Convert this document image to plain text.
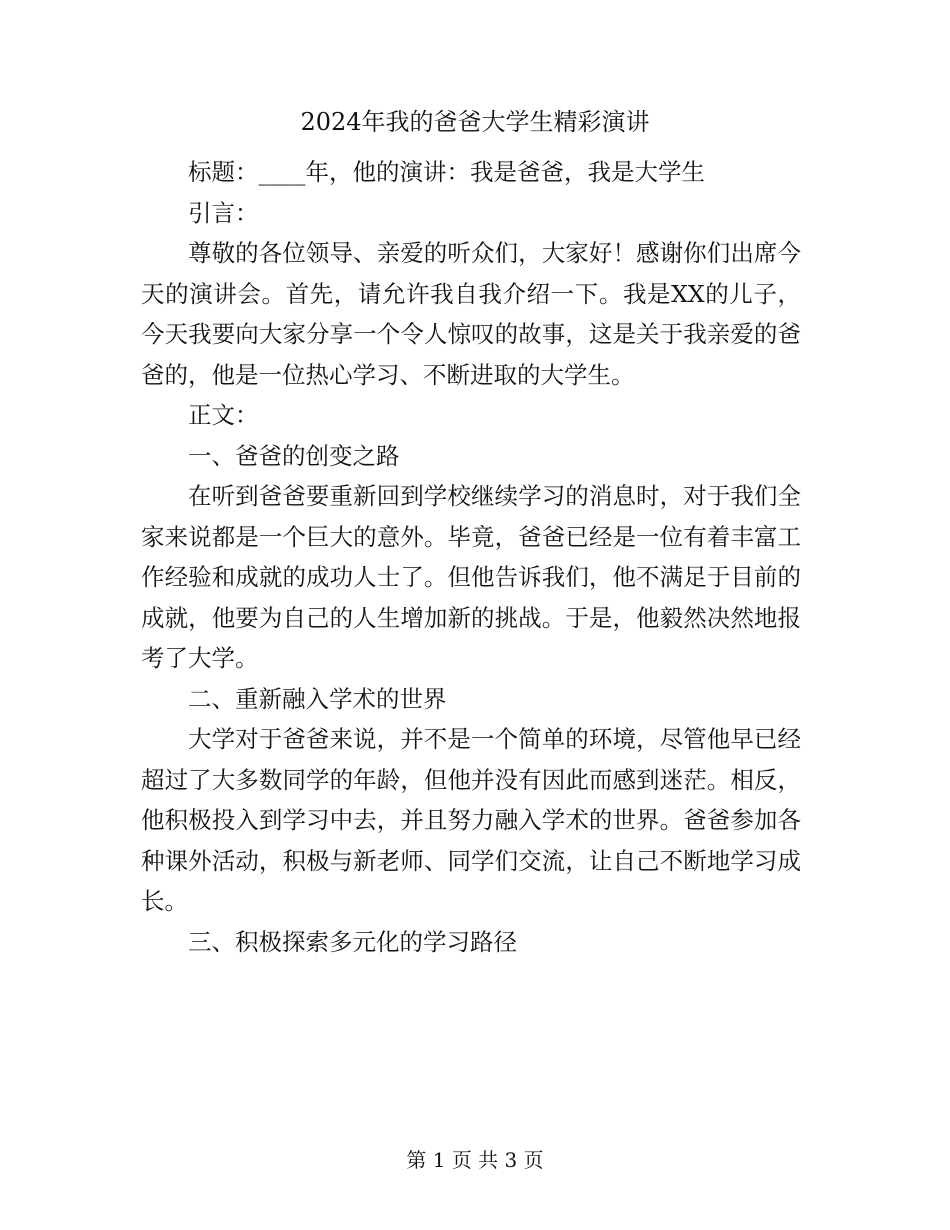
2024年我的爸爸大学生精彩演讲

标题：____年，他的演讲：我是爸爸，我是大学生

引言：

尊敬的各位领导、亲爱的听众们，大家好！感谢你们出席今天的演讲会。首先，请允许我自我介绍一下。我是XX的儿子，今天我要向大家分享一个令人惊叹的故事，这是关于我亲爱的爸爸的，他是一位热心学习、不断进取的大学生。

正文：

一、爸爸的创变之路

在听到爸爸要重新回到学校继续学习的消息时，对于我们全家来说都是一个巨大的意外。毕竟，爸爸已经是一位有着丰富工作经验和成就的成功人士了。但他告诉我们，他不满足于目前的成就，他要为自己的人生增加新的挑战。于是，他毅然决然地报考了大学。

二、重新融入学术的世界

大学对于爸爸来说，并不是一个简单的环境，尽管他早已经超过了大多数同学的年龄，但他并没有因此而感到迷茫。相反，他积极投入到学习中去，并且努力融入学术的世界。爸爸参加各种课外活动，积极与新老师、同学们交流，让自己不断地学习成长。

三、积极探索多元化的学习路径

第 1 页 共 3 页
